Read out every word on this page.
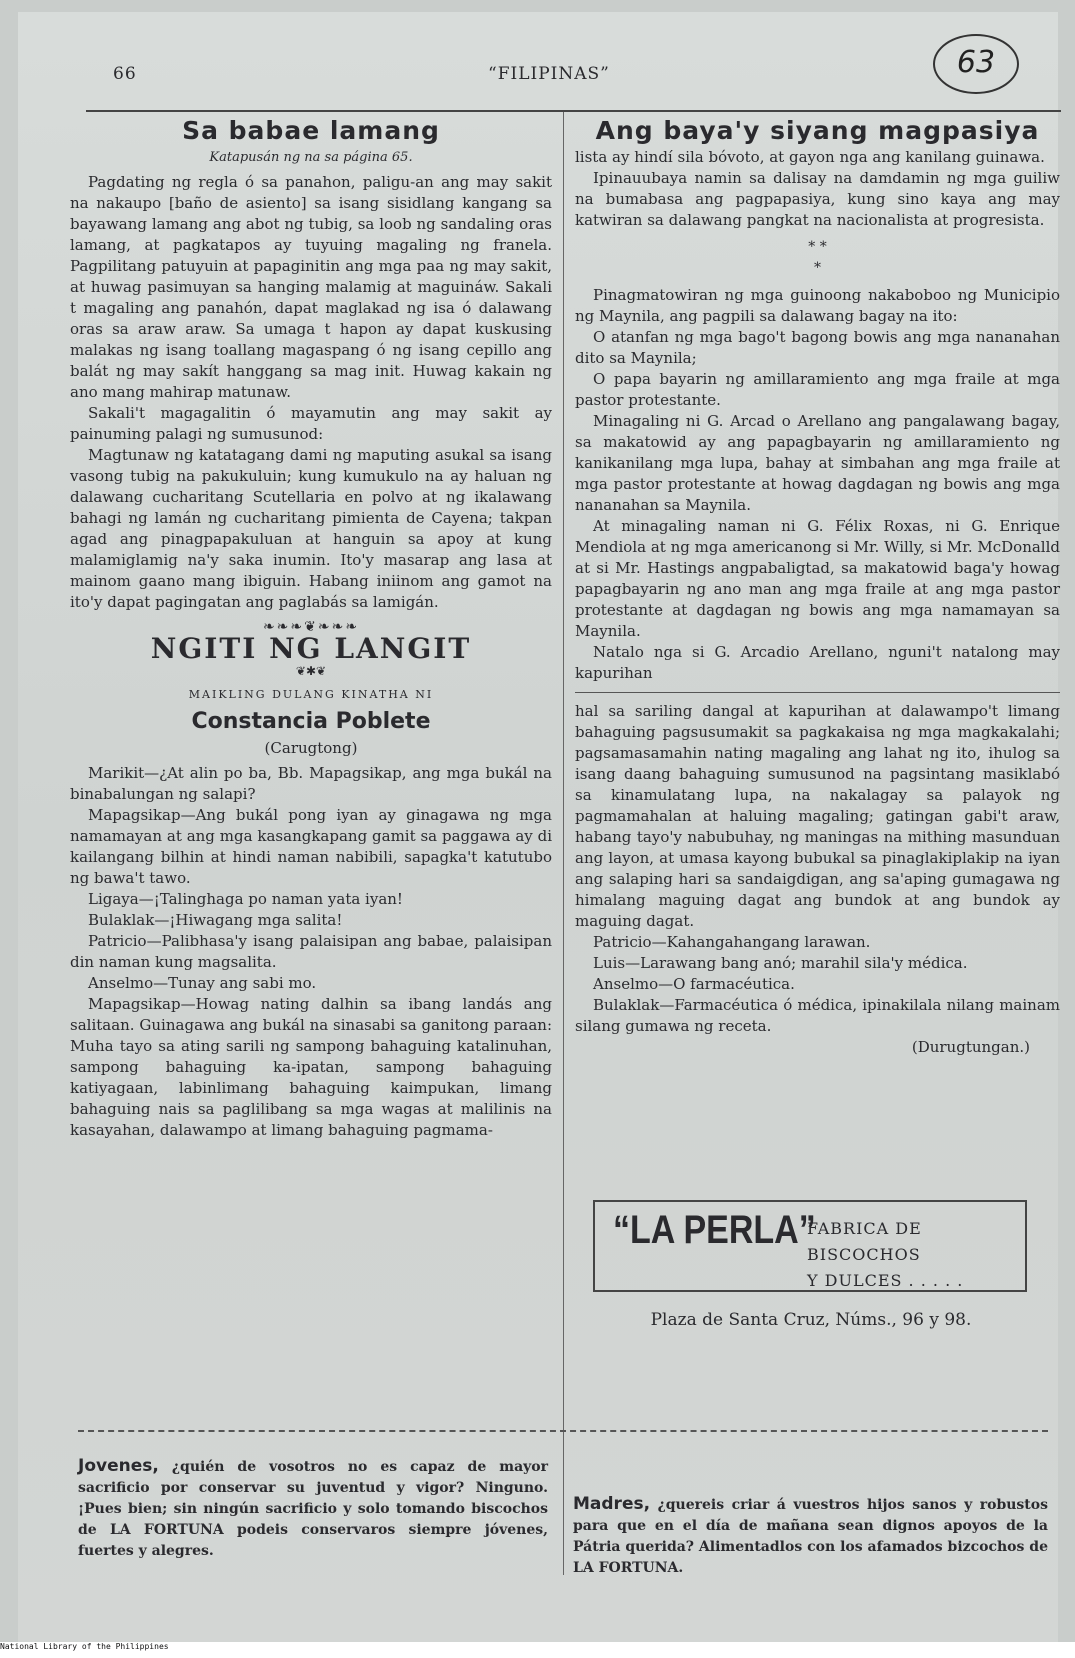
66	“FILIPINAS”	63
Sa babae lamang
Katapusán ng na sa página 65.

Pagdating ng regla ó sa panahon, paligu-an ang may sakit na nakaupo [baño de asiento] sa isang sisidlang kangang sa bayawang lamang ang abot ng tubig, sa loob ng sandaling oras lamang, at pagkatapos ay tuyuing magaling ng franela. Pagpilitang patuyuin at papaginitin ang mga paa ng may sakit, at huwag pasimuyan sa hanging malamig at maguináw. Sakali t magaling ang panahón, dapat maglakad ng isa ó dalawang oras sa araw araw. Sa umaga t hapon ay dapat kuskusing malakas ng isang toallang magaspang ó ng isang cepillo ang balát ng may sakít hanggang sa mag init. Huwag kakain ng ano mang mahirap matunaw.

Sakali't magagalitin ó mayamutin ang may sakit ay painuming palagi ng sumusunod:

Magtunaw ng katatagang dami ng maputing asukal sa isang vasong tubig na pakukuluin; kung kumukulo na ay haluan ng dalawang cucharitang Scutellaria en polvo at ng ikalawang bahagi ng lamán ng cucharitang pimienta de Cayena; takpan agad ang pinagpapakuluan at hanguin sa apoy at kung malamiglamig na'y saka inumin. Ito'y masarap ang lasa at mainom gaano mang ibiguin. Habang iniinom ang gamot na ito'y dapat pagingatan ang paglabás sa lamigán.

❧❧❧❦❧❧❧
NGITI NG LANGIT
❦✱❦
MAIKLING DULANG KINATHA NI
Constancia Poblete
(Carugtong)

Marikit—¿At alin po ba, Bb. Mapagsikap, ang mga bukál na binabalungan ng salapi?

Mapagsikap—Ang bukál pong iyan ay ginagawa ng mga namamayan at ang mga kasangkapang gamit sa paggawa ay di kailangang bilhin at hindi naman nabibili, sapagka't katutubo ng bawa't tawo.

Ligaya—¡Talinghaga po naman yata iyan!

Bulaklak—¡Hiwagang mga salita!

Patricio—Palibhasa'y isang palaisipan ang babae, palaisipan din naman kung magsalita.

Anselmo—Tunay ang sabi mo.

Mapagsikap—Howag nating dalhin sa ibang landás ang salitaan. Guinagawa ang bukál na sinasabi sa ganitong paraan: Muha tayo sa ating sarili ng sampong bahaguing katalinuhan, sampong bahaguing ka-ipatan, sampong bahaguing katiyagaan, labinlimang bahaguing kaimpukan, limang bahaguing nais sa paglilibang sa mga wagas at malilinis na kasayahan, dalawampo at limang bahaguing pagmama-

Ang baya'y siyang magpasiya

lista ay hindí sila bóvoto, at gayon nga ang kanilang guinawa.

Ipinauubaya namin sa dalisay na damdamin ng mga guiliw na bumabasa ang pagpapasiya, kung sino kaya ang may katwiran sa dalawang pangkat na nacionalista at progresista.

* *
*

Pinagmatowiran ng mga guinoong nakaboboo ng Municipio ng Maynila, ang pagpili sa dalawang bagay na ito:

O atanfan ng mga bago't bagong bowis ang mga nananahan dito sa Maynila;

O papa bayarin ng amillaramiento ang mga fraile at mga pastor protestante.

Minagaling ni G. Arcad o Arellano ang pangalawang bagay, sa makatowid ay ang papagbayarin ng amillaramiento ng kanikanilang mga lupa, bahay at simbahan ang mga fraile at mga pastor protestante at howag dagdagan ng bowis ang mga nananahan sa Maynila.

At minagaling naman ni G. Félix Roxas, ni G. Enrique Mendiola at ng mga americanong si Mr. Willy, si Mr. McDonalld at si Mr. Hastings angpabaligtad, sa makatowid baga'y howag papagbayarin ng ano man ang mga fraile at ang mga pastor protestante at dagdagan ng bowis ang mga namamayan sa Maynila.

Natalo nga si G. Arcadio Arellano, nguni't natalong may kapurihan

hal sa sariling dangal at kapurihan at dalawampo't limang bahaguing pagsusumakit sa pagkakaisa ng mga magkakalahi; pagsamasamahin nating magaling ang lahat ng ito, ihulog sa isang daang bahaguing sumusunod na pagsintang masiklabó sa kinamulatang lupa, na nakalagay sa palayok ng pagmamahalan at haluing magaling; gatingan gabi't araw, habang tayo'y nabubuhay, ng maningas na mithing masunduan ang layon, at umasa kayong bubukal sa pinaglakiplakip na iyan ang salaping hari sa sandaigdigan, ang sa'aping gumagawa ng himalang maguing dagat ang bundok at ang bundok ay maguing dagat.

Patricio—Kahangahangang larawan.

Luis—Larawang bang anó; marahil sila'y médica.

Anselmo—O farmacéutica.

Bulaklak—Farmacéutica ó médica, ipinakilala nilang mainam silang gumawa ng receta.

(Durugtungan.)
“LA PERLA”
FABRICA DE BISCOCHOS
Y DULCES . . . . .
Plaza de Santa Cruz, Núms., 96 y 98.
Jovenes, ¿quién de vosotros no es capaz de mayor sacrificio por conservar su juventud y vigor? Ninguno. ¡Pues bien; sin ningún sacrificio y solo tomando biscochos de LA FORTUNA podeis conservaros siempre jóvenes, fuertes y alegres.
Madres, ¿quereis criar á vuestros hijos sanos y robustos para que en el día de mañana sean dignos apoyos de la Pátria querida? Alimentadlos con los afamados bizcochos de LA FORTUNA.
National Library of the Philippines
